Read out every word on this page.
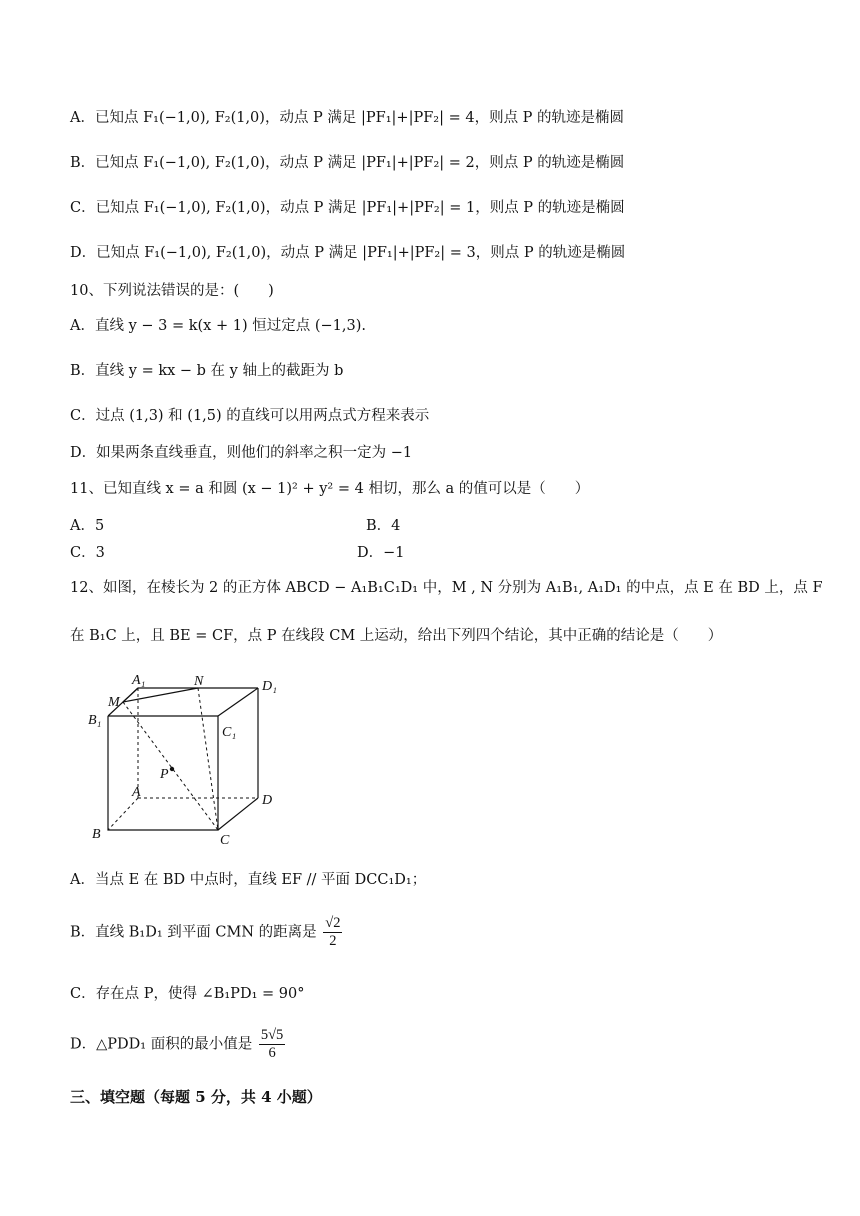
A．已知点 F₁(−1,0), F₂(1,0)，动点 P 满足 |PF₁|+|PF₂| = 4，则点 P 的轨迹是椭圆
B．已知点 F₁(−1,0), F₂(1,0)，动点 P 满足 |PF₁|+|PF₂| = 2，则点 P 的轨迹是椭圆
C．已知点 F₁(−1,0), F₂(1,0)，动点 P 满足 |PF₁|+|PF₂| = 1，则点 P 的轨迹是椭圆
D．已知点 F₁(−1,0), F₂(1,0)，动点 P 满足 |PF₁|+|PF₂| = 3，则点 P 的轨迹是椭圆
10、下列说法错误的是：(　　)
A．直线 y − 3 = k(x + 1) 恒过定点 (−1,3).
B．直线 y = kx − b 在 y 轴上的截距为 b
C．过点 (1,3) 和 (1,5) 的直线可以用两点式方程来表示
D．如果两条直线垂直，则他们的斜率之积一定为 −1
11、已知直线 x = a 和圆 (x − 1)² + y² = 4 相切，那么 a 的值可以是（　　）
A．5	B．4
C．3	D．−1
12、如图，在棱长为 2 的正方体 ABCD − A₁B₁C₁D₁ 中，M , N 分别为 A₁B₁, A₁D₁ 的中点，点 E 在 BD 上，点 F
在 B₁C 上，且 BE = CF，点 P 在线段 CM 上运动，给出下列四个结论，其中正确的结论是（　　）
A₁	N	D₁
M
B₁
C₁
P
A
D
B	C
A．当点 E 在 BD 中点时，直线 EF // 平面 DCC₁D₁；
B．直线 B₁D₁ 到平面 CMN 的距离是 $\frac{√2}{2}$
C．存在点 P，使得 ∠B₁PD₁ = 90°
D．△PDD₁ 面积的最小值是 $\frac{5√5}{6}$
三、填空题（每题 5 分，共 4 小题）
